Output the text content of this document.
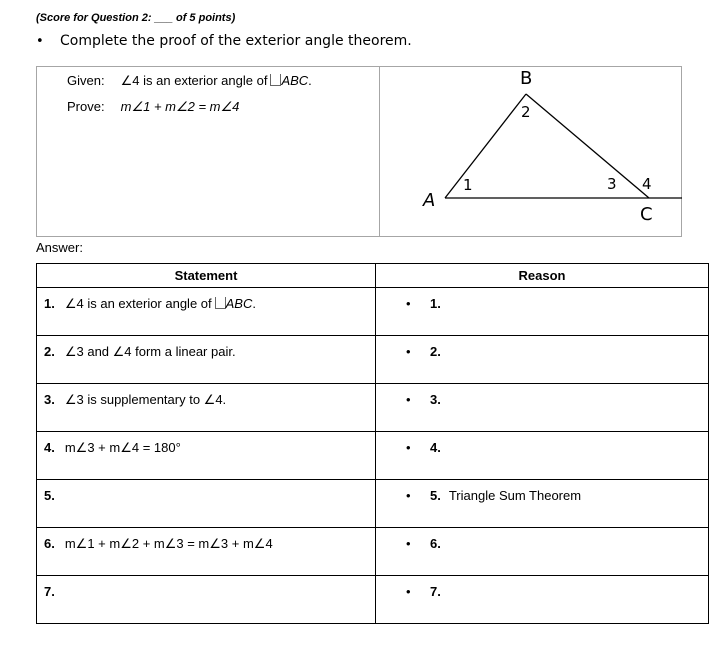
(Score for Question 2: ___ of 5 points)
• Complete the proof of the exterior angle theorem.
Given: ∠4 is an exterior angle of ABC.
Prove: m∠1 + m∠2 = m∠4
B
2
A
1	3 4
C
Answer:
Statement	Reason

1. ∠4 is an exterior angle of ABC.	• 1.

2. ∠3 and ∠4 form a linear pair.	• 2.

3. ∠3 is supplementary to ∠4.	• 3.

4. m∠3 + m∠4 = 180°	• 4.

5.	• 5. Triangle Sum Theorem

6. m∠1 + m∠2 + m∠3 = m∠3 + m∠4	• 6.

7.	• 7.
